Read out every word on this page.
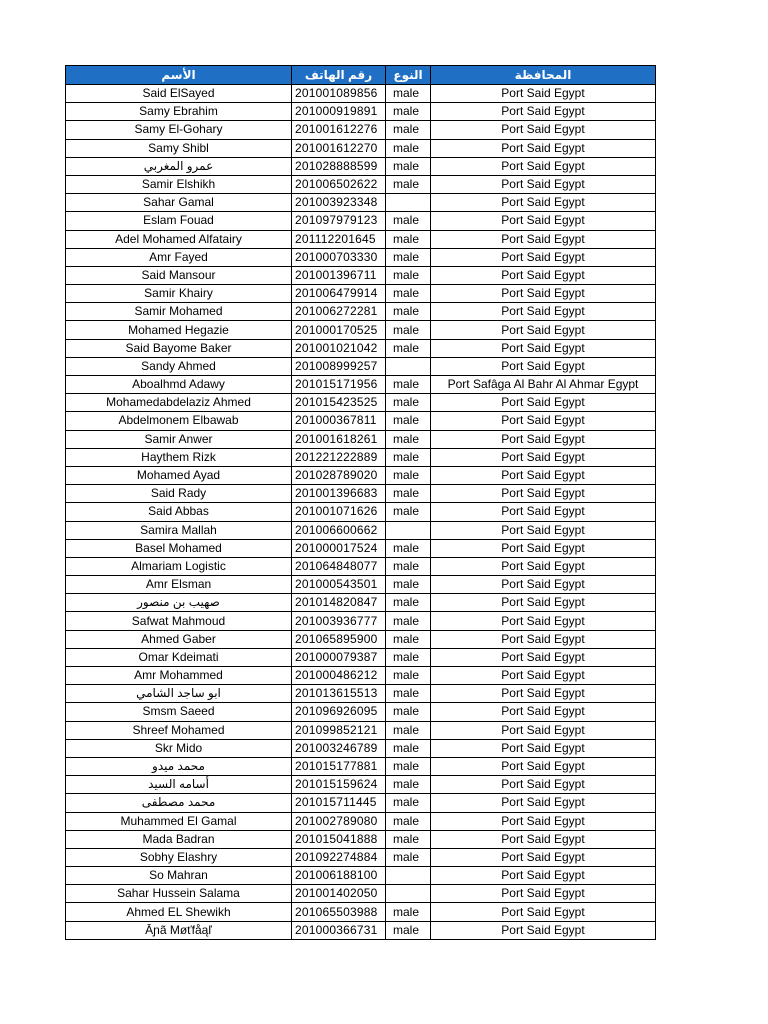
الأسم	رقم الهاتف	النوع	المحافظة
Said ElSayed	201001089856	male	Port Said Egypt
Samy Ebrahim	201000919891	male	Port Said Egypt
Samy El-Gohary	201001612276	male	Port Said Egypt
Samy Shibl	201001612270	male	Port Said Egypt
عمرو المغربي	201028888599	male	Port Said Egypt
Samir Elshikh	201006502622	male	Port Said Egypt
Sahar Gamal	201003923348		Port Said Egypt
Eslam Fouad	201097979123	male	Port Said Egypt
Adel Mohamed Alfatairy	201112201645	male	Port Said Egypt
Amr Fayed	201000703330	male	Port Said Egypt
Said Mansour	201001396711	male	Port Said Egypt
Samir Khairy	201006479914	male	Port Said Egypt
Samir Mohamed	201006272281	male	Port Said Egypt
Mohamed Hegazie	201000170525	male	Port Said Egypt
Said Bayome Baker	201001021042	male	Port Said Egypt
Sandy Ahmed	201008999257		Port Said Egypt
Aboalhmd Adawy	201015171956	male	Port Safâga Al Bahr Al Ahmar Egypt
Mohamedabdelaziz Ahmed	201015423525	male	Port Said Egypt
Abdelmonem Elbawab	201000367811	male	Port Said Egypt
Samir Anwer	201001618261	male	Port Said Egypt
Haythem Rizk	201221222889	male	Port Said Egypt
Mohamed Ayad	201028789020	male	Port Said Egypt
Said Rady	201001396683	male	Port Said Egypt
Said Abbas	201001071626	male	Port Said Egypt
Samira Mallah	201006600662		Port Said Egypt
Basel Mohamed	201000017524	male	Port Said Egypt
Almariam Logistic	201064848077	male	Port Said Egypt
Amr Elsman	201000543501	male	Port Said Egypt
صهيب بن منصور	201014820847	male	Port Said Egypt
Safwat Mahmoud	201003936777	male	Port Said Egypt
Ahmed Gaber	201065895900	male	Port Said Egypt
Omar Kdeimati	201000079387	male	Port Said Egypt
Amr Mohammed	201000486212	male	Port Said Egypt
ابو ساجد الشامي	201013615513	male	Port Said Egypt
Smsm Saeed	201096926095	male	Port Said Egypt
Shreef Mohamed	201099852121	male	Port Said Egypt
Skr Mido	201003246789	male	Port Said Egypt
محمد ميدو	201015177881	male	Port Said Egypt
أسامه السيد	201015159624	male	Port Said Egypt
محمد مصطفى	201015711445	male	Port Said Egypt
Muhammed El Gamal	201002789080	male	Port Said Egypt
Mada Badran	201015041888	male	Port Said Egypt
Sobhy Elashry	201092274884	male	Port Said Egypt
So Mahran	201006188100		Port Said Egypt
Sahar Hussein Salama	201001402050		Port Said Egypt
Ahmed EL Shewikh	201065503988	male	Port Said Egypt
Āɲã Møťfåąľ	201000366731	male	Port Said Egypt
